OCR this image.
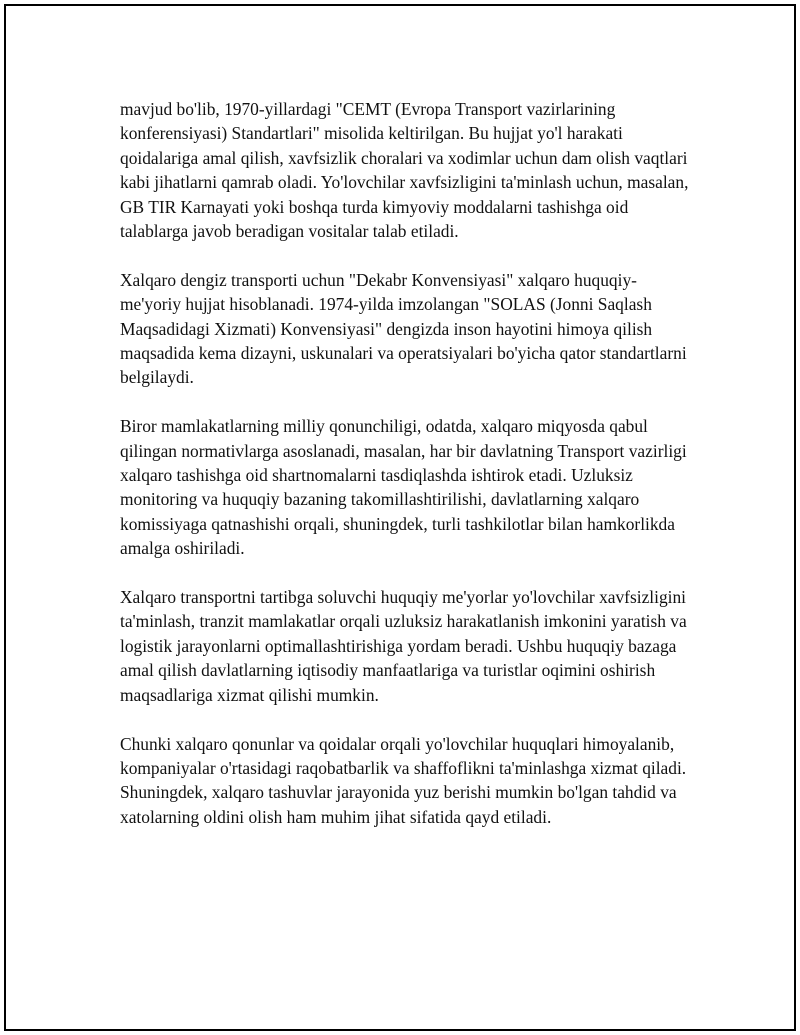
mavjud bo'lib, 1970-yillardagi "CEMT (Evropa Transport vazirlarining konferensiyasi) Standartlari" misolida keltirilgan. Bu hujjat yo'l harakati qoidalariga amal qilish, xavfsizlik choralari va xodimlar uchun dam olish vaqtlari kabi jihatlarni qamrab oladi. Yo'lovchilar xavfsizligini ta'minlash uchun, masalan, GB TIR Karnayati yoki boshqa turda kimyoviy moddalarni tashishga oid talablarga javob beradigan vositalar talab etiladi.

Xalqaro dengiz transporti uchun "Dekabr Konvensiyasi" xalqaro huquqiy-me'yoriy hujjat hisoblanadi. 1974-yilda imzolangan "SOLAS (Jonni Saqlash Maqsadidagi Xizmati) Konvensiyasi" dengizda inson hayotini himoya qilish maqsadida kema dizayni, uskunalari va operatsiyalari bo'yicha qator standartlarni belgilaydi.

Biror mamlakatlarning milliy qonunchiligi, odatda, xalqaro miqyosda qabul qilingan normativlarga asoslanadi, masalan, har bir davlatning Transport vazirligi xalqaro tashishga oid shartnomalarni tasdiqlashda ishtirok etadi. Uzluksiz monitoring va huquqiy bazaning takomillashtirilishi, davlatlarning xalqaro komissiyaga qatnashishi orqali, shuningdek, turli tashkilotlar bilan hamkorlikda amalga oshiriladi.

Xalqaro transportni tartibga soluvchi huquqiy me'yorlar yo'lovchilar xavfsizligini ta'minlash, tranzit mamlakatlar orqali uzluksiz harakatlanish imkonini yaratish va logistik jarayonlarni optimallashtirishiga yordam beradi. Ushbu huquqiy bazaga amal qilish davlatlarning iqtisodiy manfaatlariga va turistlar oqimini oshirish maqsadlariga xizmat qilishi mumkin.

Chunki xalqaro qonunlar va qoidalar orqali yo'lovchilar huquqlari himoyalanib, kompaniyalar o'rtasidagi raqobatbarlik va shaffoflikni ta'minlashga xizmat qiladi. Shuningdek, xalqaro tashuvlar jarayonida yuz berishi mumkin bo'lgan tahdid va xatolarning oldini olish ham muhim jihat sifatida qayd etiladi.
